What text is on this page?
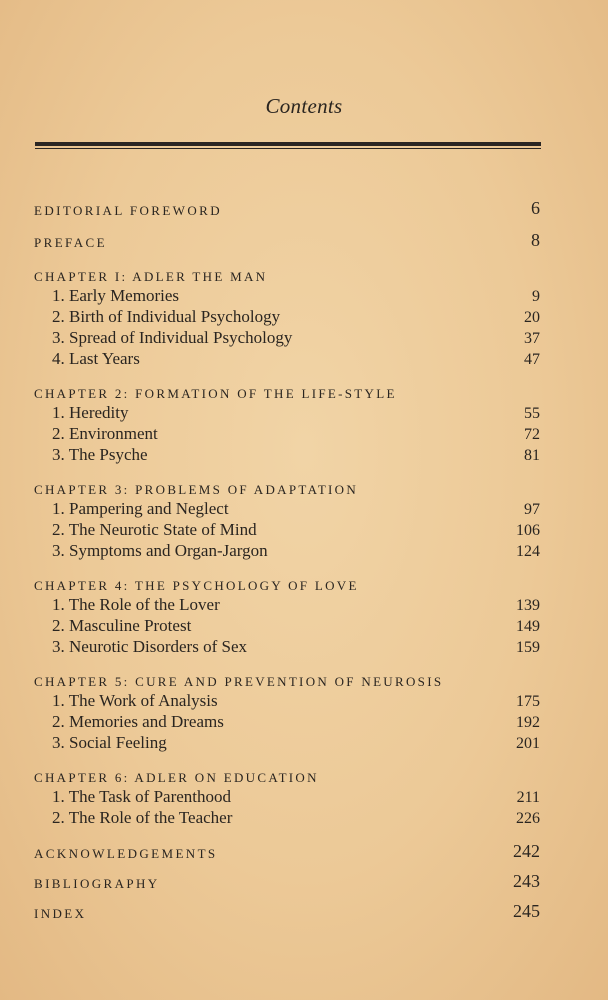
Contents
EDITORIAL FOREWORD	6
PREFACE	8
CHAPTER I: ADLER THE MAN
1. Early Memories	9
2. Birth of Individual Psychology	20
3. Spread of Individual Psychology	37
4. Last Years	47
CHAPTER 2: FORMATION OF THE LIFE-STYLE
1. Heredity	55
2. Environment	72
3. The Psyche	81
CHAPTER 3: PROBLEMS OF ADAPTATION
1. Pampering and Neglect	97
2. The Neurotic State of Mind	106
3. Symptoms and Organ-Jargon	124
CHAPTER 4: THE PSYCHOLOGY OF LOVE
1. The Role of the Lover	139
2. Masculine Protest	149
3. Neurotic Disorders of Sex	159
CHAPTER 5: CURE AND PREVENTION OF NEUROSIS
1. The Work of Analysis	175
2. Memories and Dreams	192
3. Social Feeling	201
CHAPTER 6: ADLER ON EDUCATION
1. The Task of Parenthood	211
2. The Role of the Teacher	226
ACKNOWLEDGEMENTS	242
BIBLIOGRAPHY	243
INDEX	245
